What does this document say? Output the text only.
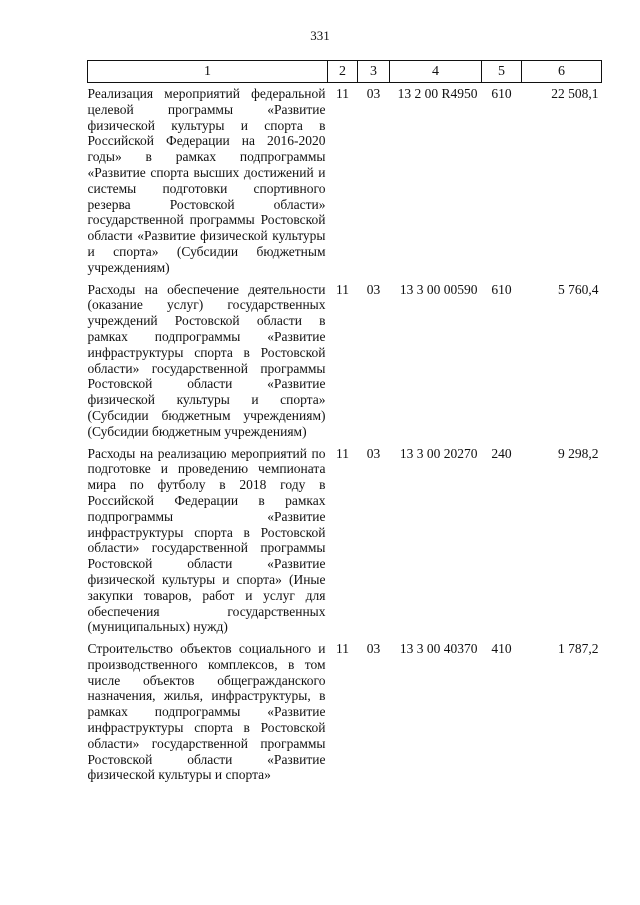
331
1	2	3	4	5	6
Реализация мероприятий федеральной целевой программы «Развитие физической культуры и спорта в Российской Федерации на 2016-2020 годы» в рамках подпрограммы «Развитие спорта высших достижений и системы подготовки спортивного резерва Ростовской области» государственной программы Ростовской области «Развитие физической культуры и спорта» (Субсидии бюджетным учреждениям)	11	03	13 2 00 R4950	610	22 508,1
Расходы на обеспечение деятельности (оказание услуг) государственных учреждений Ростовской области в рамках подпрограммы «Развитие инфраструктуры спорта в Ростовской области» государственной программы Ростовской области «Развитие физической культуры и спорта» (Субсидии бюджетным учреждениям) (Субсидии бюджетным учреждениям)	11	03	13 3 00 00590	610	5 760,4
Расходы на реализацию мероприятий по подготовке и проведению чемпионата мира по футболу в 2018 году в Российской Федерации в рамках подпрограммы «Развитие инфраструктуры спорта в Ростовской области» государственной программы Ростовской области «Развитие физической культуры и спорта» (Иные закупки товаров, работ и услуг для обеспечения государственных (муниципальных) нужд)	11	03	13 3 00 20270	240	9 298,2
Строительство объектов социального и производственного комплексов, в том числе объектов общегражданского назначения, жилья, инфраструктуры, в рамках подпрограммы «Развитие инфраструктуры спорта в Ростовской области» государственной программы Ростовской области «Развитие физической культуры и спорта»	11	03	13 3 00 40370	410	1 787,2
